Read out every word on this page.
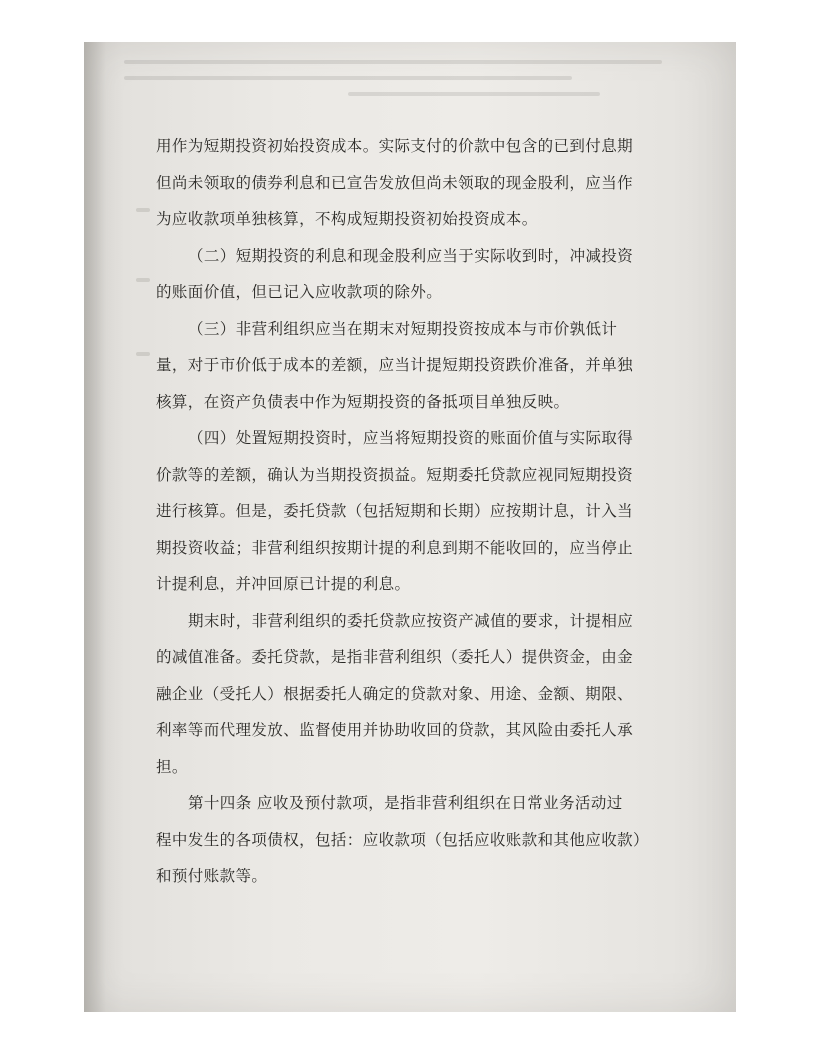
用作为短期投资初始投资成本。实际支付的价款中包含的已到付息期
但尚未领取的债券利息和已宣告发放但尚未领取的现金股利，应当作
为应收款项单独核算，不构成短期投资初始投资成本。
（二）短期投资的利息和现金股利应当于实际收到时，冲减投资
的账面价值，但已记入应收款项的除外。
（三）非营利组织应当在期末对短期投资按成本与市价孰低计
量，对于市价低于成本的差额，应当计提短期投资跌价准备，并单独
核算，在资产负债表中作为短期投资的备抵项目单独反映。
（四）处置短期投资时，应当将短期投资的账面价值与实际取得
价款等的差额，确认为当期投资损益。短期委托贷款应视同短期投资
进行核算。但是，委托贷款（包括短期和长期）应按期计息，计入当
期投资收益；非营利组织按期计提的利息到期不能收回的，应当停止
计提利息，并冲回原已计提的利息。
期末时，非营利组织的委托贷款应按资产减值的要求，计提相应
的减值准备。委托贷款，是指非营利组织（委托人）提供资金，由金
融企业（受托人）根据委托人确定的贷款对象、用途、金额、期限、
利率等而代理发放、监督使用并协助收回的贷款，其风险由委托人承
担。
第十四条 应收及预付款项，是指非营利组织在日常业务活动过
程中发生的各项债权，包括：应收款项（包括应收账款和其他应收款）
和预付账款等。
